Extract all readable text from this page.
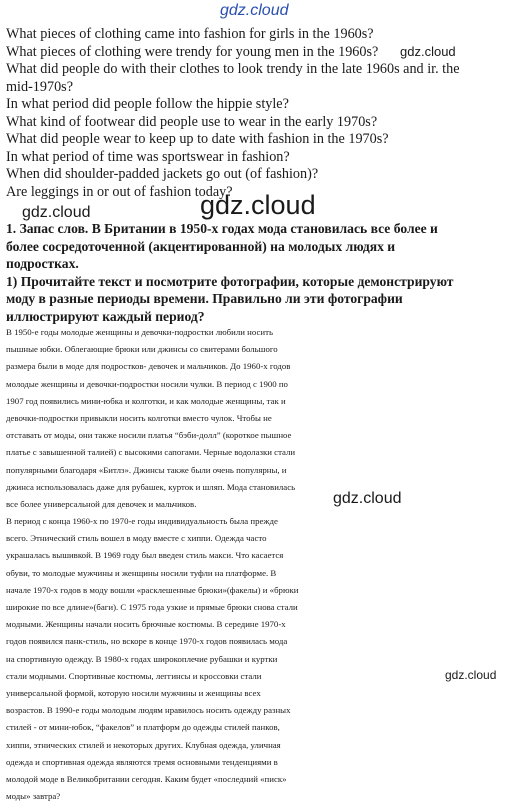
gdz.cloud
What pieces of clothing came into fashion for girls in the 1960s?
What pieces of clothing were trendy for young men in the 1960s?
What did people do with their clothes to look trendy in the late 1960s and ir. the
mid-1970s?
In what period did people follow the hippie style?
What kind of footwear did people use to wear in the early 1970s?
What did people wear to keep up to date with fashion in the 1970s?
In what period of time was sportswear in fashion?
When did shoulder-padded jackets go out (of fashion)?
Are leggings in or out of fashion today?
gdz.cloud
gdz.cloud	gdz.cloud
1. Запас слов. В Британии в 1950-х годах мода становилась все более и
более сосредоточенной (акцентированной) на молодых людях и
подростках.
1) Прочитайте текст и посмотрите фотографии, которые демонстрируют
моду в разные периоды времени. Правильно ли эти фотографии
иллюстрируют каждый период?
В 1950-е годы молодые женщины и девочки-подростки любили носить
пышные юбки. Облегающие брюки или джинсы со свитерами большого
размера были в моде для подростков- девочек и мальчиков. До 1960-х годов
молодые женщины и девочки-подростки носили чулки. В период с 1900 по
1907 год появились мини-юбка и колготки, и как молодые женщины, так и
девочки-подростки привыкли носить колготки вместо чулок. Чтобы не
отставать от моды, они также носили платья “бэби-долл” (короткое пышное
платье с завышенной талией) с высокими сапогами. Черные водолазки стали
популярными благодаря «Битлз». Джинсы также были очень популярны, и
джинса использовалась даже для рубашек, курток и шляп. Мода становилась
все более универсальной для девочек и мальчиков.	gdz.cloud
В период с конца 1960-х по 1970-е годы индивидуальность была прежде
всего. Этнический стиль вошел в моду вместе с хиппи. Одежда часто
украшалась вышивкой. В 1969 году был введен стиль макси. Что касается
обуви, то молодые мужчины и женщины носили туфли на платформе. В
начале 1970-х годов в моду вошли «расклешенные брюки»(факелы) и «брюки
широкие по все длине»(баги). С 1975 года узкие и прямые брюки снова стали
модными. Женщины начали носить брючные костюмы. В середине 1970-х
годов появился панк-стиль, но вскоре в конце 1970-х годов появилась мода
на спортивную одежду. В 1980-х годах широкоплечие рубашки и куртки
стали модными. Спортивные костюмы, леггинсы и кроссовки стали
универсальной формой, которую носили мужчины и женщины всех
возрастов. В 1990-е годы молодым людям нравилось носить одежду разных
стилей - от мини-юбок, “факелов” и платформ до одежды стилей панков,
хиппи, этнических стилей и некоторых других. Клубная одежда, уличная
одежда и спортивная одежда являются тремя основными тенденциями в
молодой моде в Великобритании сегодня. Каким будет «последний «писк»
моды» завтра?
gdz.cloud
